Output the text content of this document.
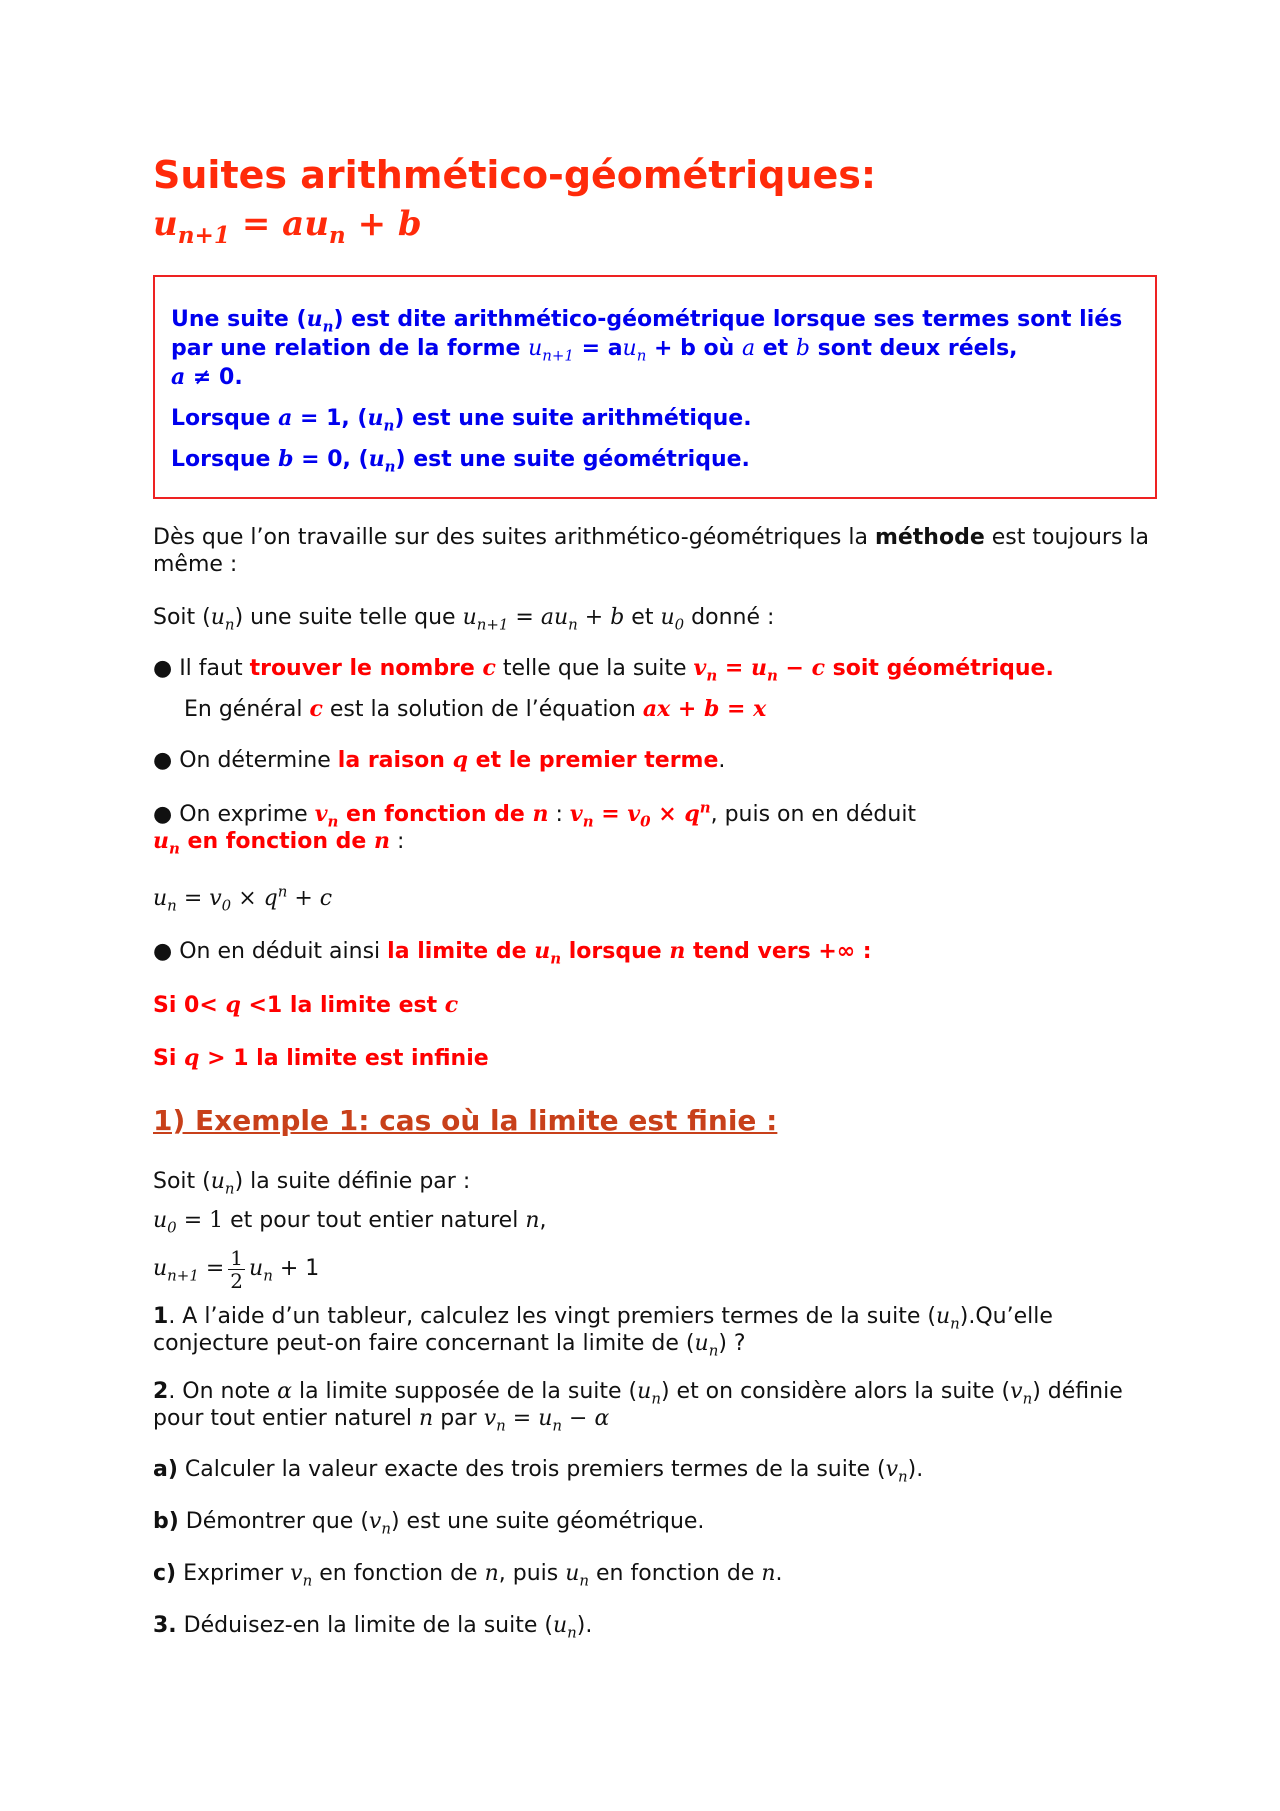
Suites arithmético-géométriques:
$u_{n+1} = au_n + b$

Une suite $(u_n)$ est dite arithmético-géométrique lorsque ses termes sont liés par une relation de la forme $u_{n+1} = au_n + b$ où a et b sont deux réels,
a ≠ 0.

Lorsque a = 1, $(u_n)$ est une suite arithmétique.

Lorsque b = 0, $(u_n)$ est une suite géométrique.

Dès que l’on travaille sur des suites arithmético-géométriques la méthode est toujours la même :

Soit $(u_n)$ une suite telle que $u_{n+1} = au_n + b$ et $u_0$ donné :

● Il faut trouver le nombre c telle que la suite $v_n = u_n - c$ soit géométrique.

En général c est la solution de l’équation ax + b = x

● On détermine la raison q et le premier terme.

● On exprime $v_n$ en fonction de n : $v_n = v_0 \times q^n$, puis on en déduit
$u_n$ en fonction de n :

$u_n = v_0 \times q^n + c$

● On en déduit ainsi la limite de $u_n$ lorsque n tend vers +∞ :

Si 0< q <1 la limite est c

Si q > 1 la limite est infinie

1) Exemple 1: cas où la limite est finie :

Soit $(u_n)$ la suite définie par :

$u_0 = 1$ et pour tout entier naturel n,

$u_{n+1} = \frac{1}{2} u_n + 1$

1. A l’aide d’un tableur, calculez les vingt premiers termes de la suite $(u_n).Qu’elle$ conjecture peut-on faire concernant la limite de $(u_n)$ ?

2. On note α la limite supposée de la suite $(u_n)$ et on considère alors la suite $(v_n)$ définie pour tout entier naturel n par $v_n = u_n - \alpha$

a) Calculer la valeur exacte des trois premiers termes de la suite $(v_n)$.

b) Démontrer que $(v_n)$ est une suite géométrique.

c) Exprimer $v_n$ en fonction de n, puis $u_n$ en fonction de n.

3. Déduisez-en la limite de la suite $(u_n)$.
